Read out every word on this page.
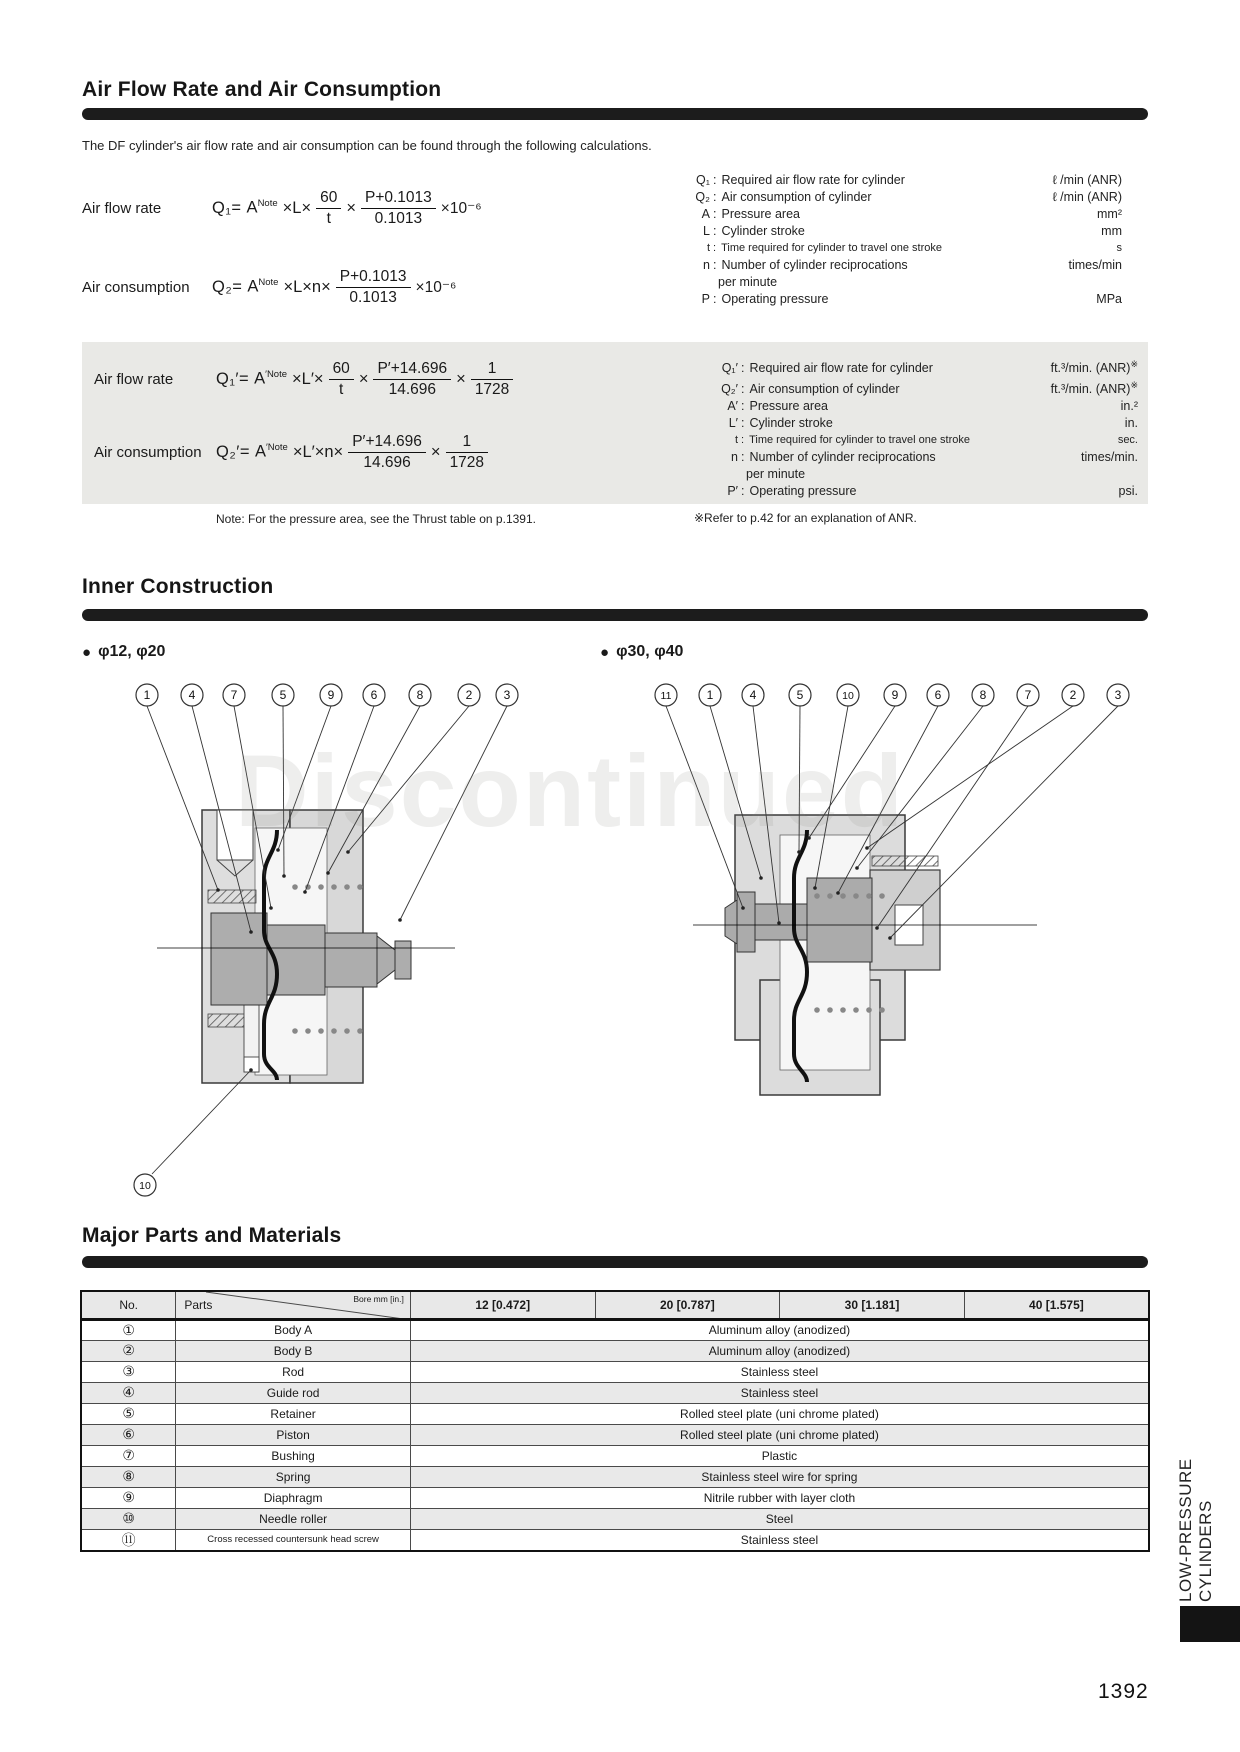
Air Flow Rate and Air Consumption
The DF cylinder's air flow rate and air consumption can be found through the following calculations.
Air flow rate	$Q_1= A^{Note} \times L\times \frac{60}{t} \times \frac{P+0.1013}{0.1013} \times 10^{-6}$
Air consumption	$Q_2= A^{Note} \times L\times n\times \frac{P+0.1013}{0.1013} \times 10^{-6}$
Q₁ : Required air flow rate for cylinder	ℓ /min (ANR)
Q₂ : Air consumption of cylinder	ℓ /min (ANR)
A : Pressure area	mm²
L : Cylinder stroke	mm
t : Time required for cylinder to travel one stroke	s
n : Number of cylinder reciprocations	times/min
per minute
P : Operating pressure	MPa
Air flow rate	$Q_1'= A^{'Note} \times L'\times \frac{60}{t} \times \frac{P'+14.696}{14.696} \times \frac{1}{1728}$
Air consumption $Q_2'= A^{'Note} \times L'\times n\times \frac{P'+14.696}{14.696} \times \frac{1}{1728}$
Q₁′ : Required air flow rate for cylinder	ft.³/min. (ANR)※
Q₂′ : Air consumption of cylinder	ft.³/min. (ANR)※
A′ : Pressure area	in.²
L′ : Cylinder stroke	in.
t : Time required for cylinder to travel one stroke	sec.
n : Number of cylinder reciprocations	times/min.
per minute
P′ : Operating pressure	psi.
Note: For the pressure area, see the Thrust table on p.1391.	※Refer to p.42 for an explanation of ANR.
Inner Construction
● φ12, φ20	● φ30, φ40
Discontinued
1	4	7	5	9	6	8	2	3
10
11	1	4	5	10	9	6	8	7	2	3
Major Parts and Materials
No.	Parts Bore mm [in.]	12 [0.472]	20 [0.787]	30 [1.181]	40 [1.575]
①	Body A	Aluminum alloy (anodized)			
②	Body B	Aluminum alloy (anodized)			
③	Rod	Stainless steel			
④	Guide rod	Stainless steel			
⑤	Retainer	Rolled steel plate (uni chrome plated)			
⑥	Piston	Rolled steel plate (uni chrome plated)			
⑦	Bushing	Plastic			
⑧	Spring	Stainless steel wire for spring			
⑨	Diaphragm	Nitrile rubber with layer cloth			
⑩	Needle roller	Steel			
⑪	Cross recessed countersunk head screw	Stainless steel				LOW-PRESSURE CYLINDERS
1392
